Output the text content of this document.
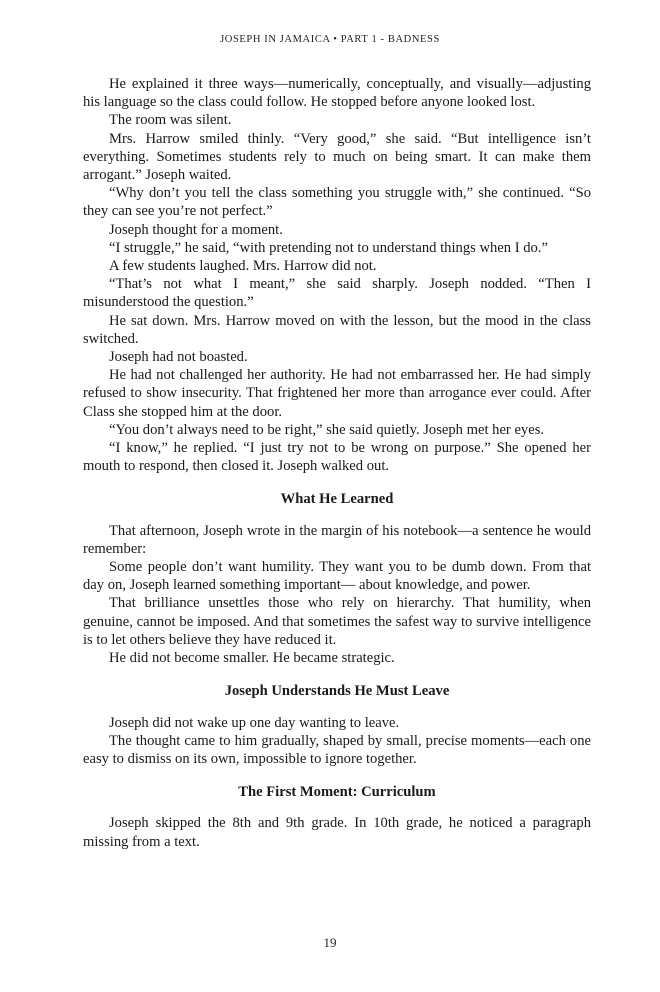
JOSEPH IN JAMAICA • PART 1 - BADNESS

He explained it three ways—numerically, conceptually, and visually—adjusting his language so the class could follow. He stopped before anyone looked lost.

The room was silent.

Mrs. Harrow smiled thinly. “Very good,” she said. “But intelligence isn’t everything. Sometimes students rely to much on being smart. It can make them arrogant.” Joseph waited.

“Why don’t you tell the class something you struggle with,” she continued. “So they can see you’re not perfect.”

Joseph thought for a moment.

“I struggle,” he said, “with pretending not to understand things when I do.”

A few students laughed. Mrs. Harrow did not.

“That’s not what I meant,” she said sharply. Joseph nodded. “Then I misunderstood the question.”

He sat down. Mrs. Harrow moved on with the lesson, but the mood in the class switched.

Joseph had not boasted.

He had not challenged her authority. He had not embarrassed her. He had simply refused to show insecurity. That frightened her more than arrogance ever could. After Class she stopped him at the door.

“You don’t always need to be right,” she said quietly. Joseph met her eyes.

“I know,” he replied. “I just try not to be wrong on purpose.” She opened her mouth to respond, then closed it. Joseph walked out.

What He Learned

That afternoon, Joseph wrote in the margin of his notebook—a sentence he would remember:

Some people don’t want humility. They want you to be dumb down. From that day on, Joseph learned something important— about knowledge, and power.

That brilliance unsettles those who rely on hierarchy. That humility, when genuine, cannot be imposed. And that sometimes the safest way to survive intelligence is to let others believe they have reduced it.

He did not become smaller. He became strategic.

Joseph Understands He Must Leave

Joseph did not wake up one day wanting to leave.

The thought came to him gradually, shaped by small, precise moments—each one easy to dismiss on its own, impossible to ignore together.

The First Moment: Curriculum

Joseph skipped the 8th and 9th grade. In 10th grade, he noticed a paragraph missing from a text.

19
